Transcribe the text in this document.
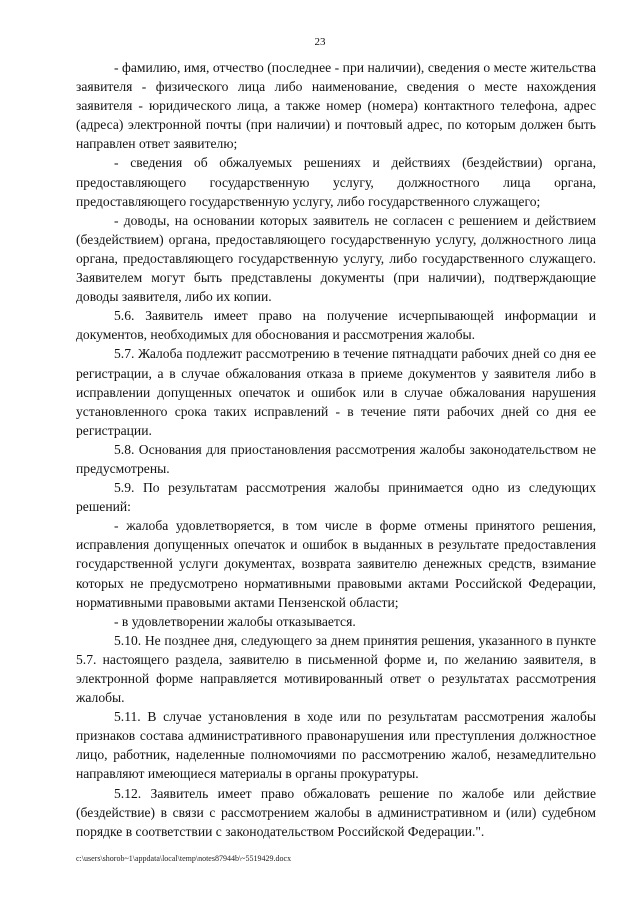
23

- фамилию, имя, отчество (последнее - при наличии), сведения о месте жительства заявителя - физического лица либо наименование, сведения о месте нахождения заявителя - юридического лица, а также номер (номера) контактного телефона, адрес (адреса) электронной почты (при наличии) и почтовый адрес, по которым должен быть направлен ответ заявителю;

- сведения об обжалуемых решениях и действиях (бездействии) органа, предоставляющего государственную услугу, должностного лица органа, предоставляющего государственную услугу, либо государственного служащего;

- доводы, на основании которых заявитель не согласен с решением и действием (бездействием) органа, предоставляющего государственную услугу, должностного лица органа, предоставляющего государственную услугу, либо государственного служащего. Заявителем могут быть представлены документы (при наличии), подтверждающие доводы заявителя, либо их копии.

5.6. Заявитель имеет право на получение исчерпывающей информации и документов, необходимых для обоснования и рассмотрения жалобы.

5.7. Жалоба подлежит рассмотрению в течение пятнадцати рабочих дней со дня ее регистрации, а в случае обжалования отказа в приеме документов у заявителя либо в исправлении допущенных опечаток и ошибок или в случае обжалования нарушения установленного срока таких исправлений - в течение пяти рабочих дней со дня ее регистрации.

5.8. Основания для приостановления рассмотрения жалобы законодательством не предусмотрены.

5.9. По результатам рассмотрения жалобы принимается одно из следующих решений:

- жалоба удовлетворяется, в том числе в форме отмены принятого решения, исправления допущенных опечаток и ошибок в выданных в результате предоставления государственной услуги документах, возврата заявителю денежных средств, взимание которых не предусмотрено нормативными правовыми актами Российской Федерации, нормативными правовыми актами Пензенской области;

- в удовлетворении жалобы отказывается.

5.10. Не позднее дня, следующего за днем принятия решения, указанного в пункте 5.7. настоящего раздела, заявителю в письменной форме и, по желанию заявителя, в электронной форме направляется мотивированный ответ о результатах рассмотрения жалобы.

5.11. В случае установления в ходе или по результатам рассмотрения жалобы признаков состава административного правонарушения или преступления должностное лицо, работник, наделенные полномочиями по рассмотрению жалоб, незамедлительно направляют имеющиеся материалы в органы прокуратуры.

5.12. Заявитель имеет право обжаловать решение по жалобе или действие (бездействие) в связи с рассмотрением жалобы в административном и (или) судебном порядке в соответствии с законодательством Российской Федерации.".

c:\users\shorob~1\appdata\local\temp\notes87944b\~5519429.docx
